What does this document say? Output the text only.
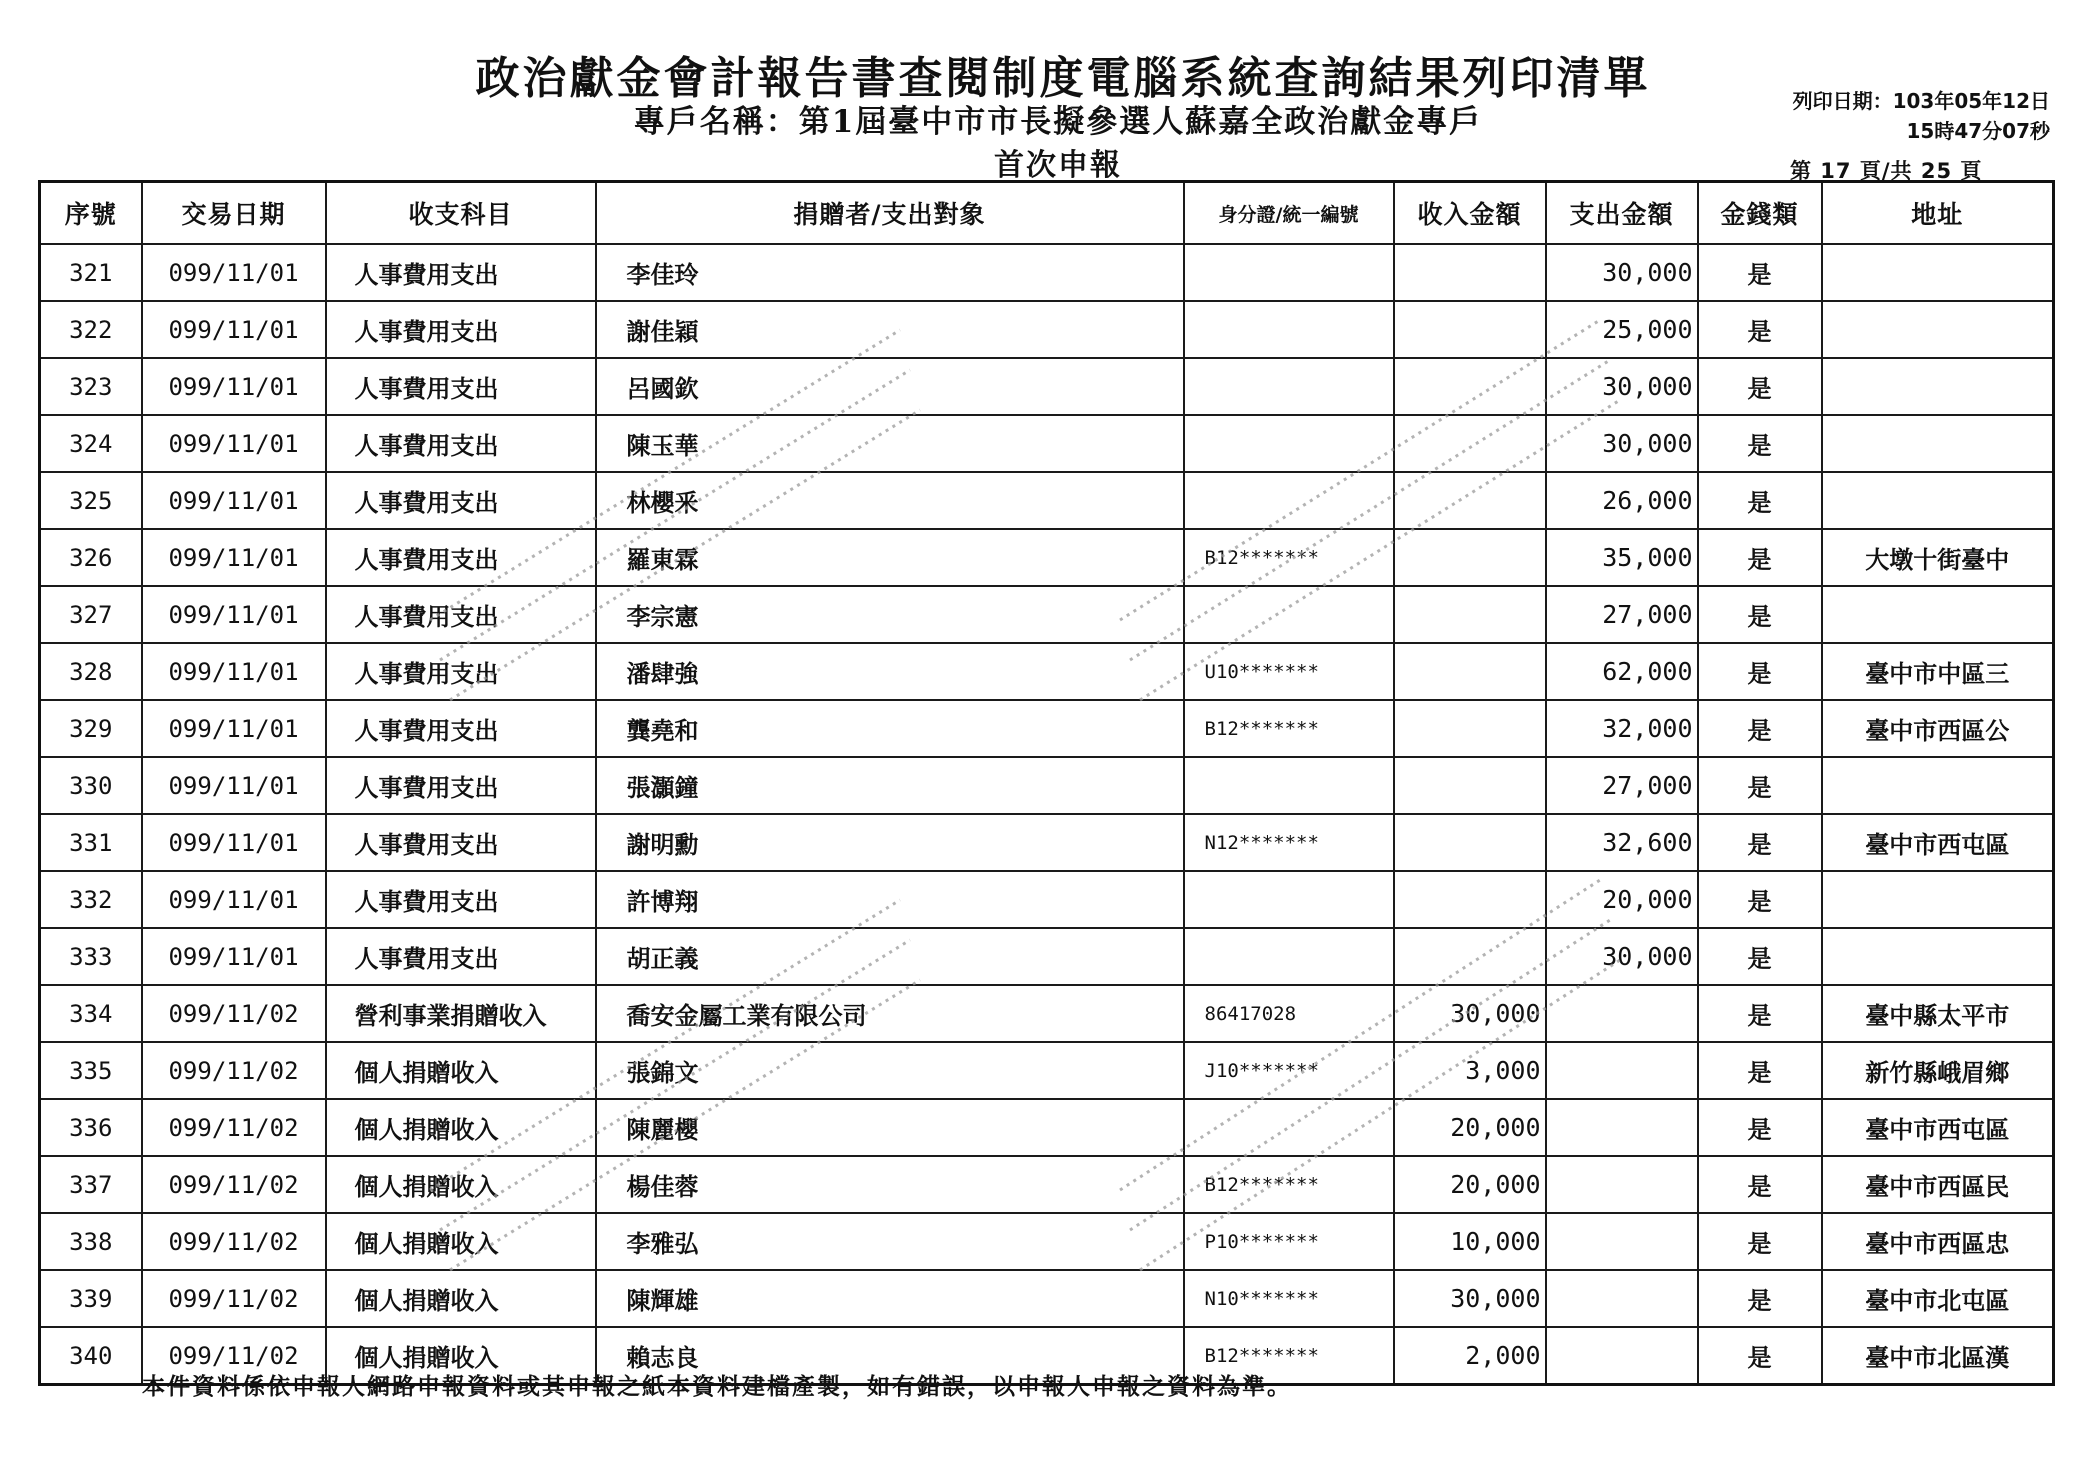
政治獻金會計報告書查閱制度電腦系統查詢結果列印清單
專戶名稱：第1屆臺中市市長擬參選人蘇嘉全政治獻金專戶
首次申報
列印日期：103年05年12日
15時47分07秒
第 17 頁/共 25 頁
序號	交易日期	收支科目	捐贈者/支出對象	身分證/統一編號	收入金額	支出金額	金錢類	地址
321	099/11/01	人事費用支出	李佳玲			30,000	是	
322	099/11/01	人事費用支出	謝佳穎			25,000	是	
323	099/11/01	人事費用支出	呂國欽			30,000	是	
324	099/11/01	人事費用支出	陳玉華			30,000	是	
325	099/11/01	人事費用支出	林櫻釆			26,000	是	
326	099/11/01	人事費用支出	羅東霖	B12*******		35,000	是	大墩十街臺中
327	099/11/01	人事費用支出	李宗憲			27,000	是	
328	099/11/01	人事費用支出	潘肆強	U10*******		62,000	是	臺中市中區三
329	099/11/01	人事費用支出	龔堯和	B12*******		32,000	是	臺中市西區公
330	099/11/01	人事費用支出	張灝鐘			27,000	是	
331	099/11/01	人事費用支出	謝明勳	N12*******		32,600	是	臺中市西屯區
332	099/11/01	人事費用支出	許博翔			20,000	是	
333	099/11/01	人事費用支出	胡正義			30,000	是	
334	099/11/02	營利事業捐贈收入	喬安金屬工業有限公司	86417028	30,000		是	臺中縣太平市
335	099/11/02	個人捐贈收入	張錦文	J10*******	3,000		是	新竹縣峨眉鄉
336	099/11/02	個人捐贈收入	陳麗櫻		20,000		是	臺中市西屯區
337	099/11/02	個人捐贈收入	楊佳蓉	B12*******	20,000		是	臺中市西區民
338	099/11/02	個人捐贈收入	李雅弘	P10*******	10,000		是	臺中市西區忠
339	099/11/02	個人捐贈收入	陳輝雄	N10*******	30,000		是	臺中市北屯區
340	099/11/02	個人捐贈收入	賴志良	B12*******	2,000		是	臺中市北區漢
本件資料係依申報人網路申報資料或其申報之紙本資料建檔產製，如有錯誤，以申報人申報之資料為準。
